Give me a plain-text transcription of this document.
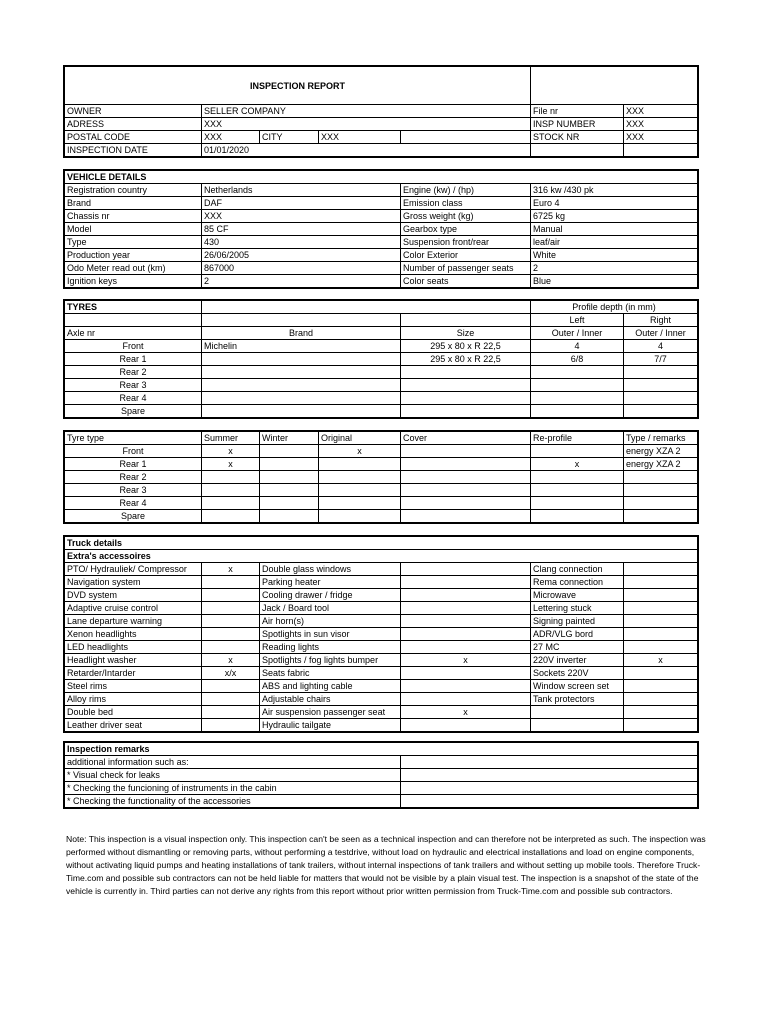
INSPECTION REPORT						
OWNER	SELLER COMPANY				File nr	XXX
ADRESS	XXX				INSP NUMBER	XXX
POSTAL CODE	XXX	CITY	XXX		STOCK NR	XXX
INSPECTION DATE	01/01/2020					
VEHICLE DETAILS			
Registration country	Netherlands	Engine (kw) / (hp)	316 kw /430 pk
Brand	DAF	Emission class	Euro 4
Chassis nr	XXX	Gross weight (kg)	6725 kg
Model	85 CF	Gearbox type	Manual
Type	430	Suspension front/rear	leaf/air
Production year	26/06/2005	Color Exterior	White
Odo Meter read out (km)	867000	Number of passenger seats	2
Ignition keys	2	Color seats	Blue
TYRES			Profile depth (in mm)	
			Left	Right
Axle nr	Brand	Size	Outer / Inner	Outer / Inner
Front	Michelin	295 x 80 x R 22,5	4	4
Rear 1		295 x 80 x R 22,5	6/8	7/7
Rear 2				
Rear 3				
Rear 4				
Spare				
Tyre type	Summer	Winter	Original	Cover	Re-profile	Type / remarks
Front	x		x			energy XZA 2
Rear 1	x				x	energy XZA 2
Rear 2						
Rear 3						
Rear 4						
Spare						
Truck details					
Extra's accessoires					
PTO/ Hydrauliek/ Compressor	x	Double glass windows		Clang connection	
Navigation system		Parking heater		Rema connection	
DVD system		Cooling drawer / fridge		Microwave	
Adaptive cruise control		Jack / Board tool		Lettering stuck	
Lane departure warning		Air horn(s)		Signing painted	
Xenon headlights		Spotlights in sun visor		ADR/VLG bord	
LED headlights		Reading lights		27 MC	
Headlight washer	x	Spotlights / fog lights bumper	x	220V inverter	x
Retarder/Intarder	x/x	Seats fabric		Sockets 220V	
Steel rims		ABS and lighting cable		Window screen set	
Alloy rims		Adjustable chairs		Tank protectors	
Double bed		Air suspension passenger seat	x		
Leather driver seat		Hydraulic tailgate			
Inspection remarks	
additional information such as:	
* Visual check for leaks	
* Checking the funcioning of instruments in the cabin	
* Checking the functionality of the accessories	
Note: This inspection is a visual inspection only. This inspection can't be seen as a technical inspection and can therefore not be interpreted as such. The inspection was performed without dismantling or removing parts, without performing a testdrive, without load on hydraulic and electrical installations and load on engine components, without activating liquid pumps and heating installations of tank trailers, without internal inspections of tank trailers and without setting up mobile tools. Therefore Truck-Time.com and possible sub contractors can not be held liable for matters that would not be visible by a plain visual test. The inspection is a snapshot of the state of the vehicle is currently in. Third parties can not derive any rights from this report without prior written permission from Truck-Time.com and possible sub contractors.
